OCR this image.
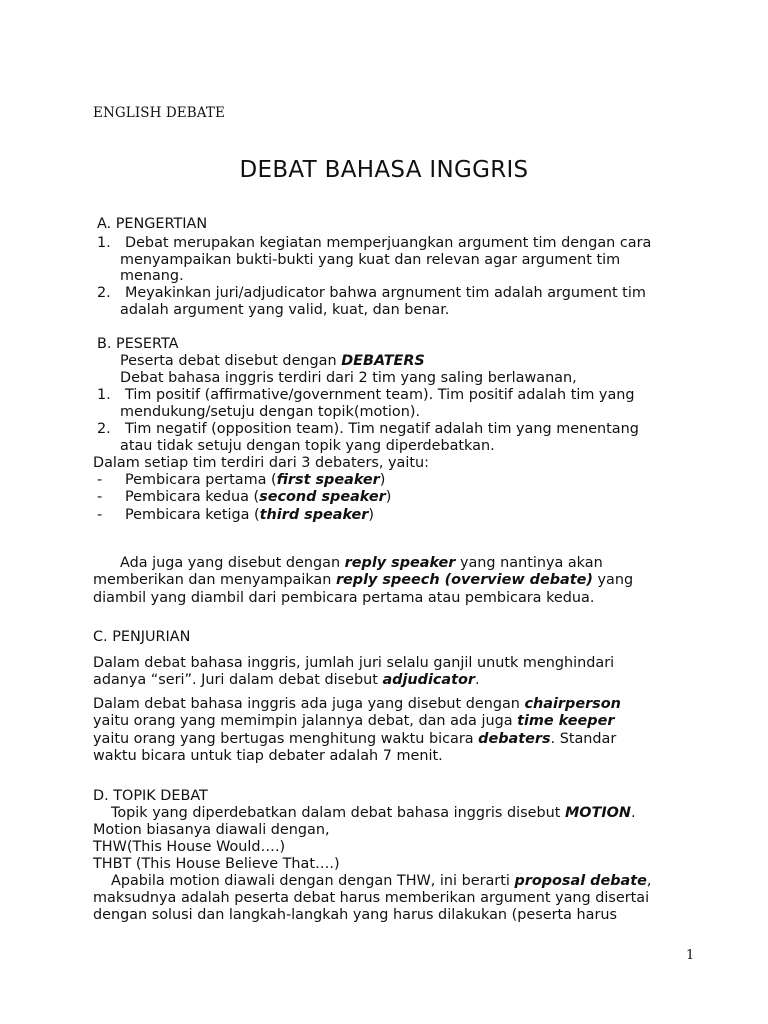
ENGLISH DEBATE
DEBAT BAHASA INGGRIS
A. PENGERTIAN
1. Debat merupakan kegiatan memperjuangkan argument tim dengan cara
menyampaikan bukti-bukti yang kuat dan relevan agar argument tim
menang.
2. Meyakinkan juri/adjudicator bahwa argnument tim adalah argument tim
adalah argument yang valid, kuat, dan benar.
B. PESERTA
Peserta debat disebut dengan DEBATERS
Debat bahasa inggris terdiri dari 2 tim yang saling berlawanan,
1. Tim positif (affirmative/government team). Tim positif adalah tim yang
mendukung/setuju dengan topik(motion).
2. Tim negatif (opposition team). Tim negatif adalah tim yang menentang
atau tidak setuju dengan topik yang diperdebatkan.
Dalam setiap tim terdiri dari 3 debaters, yaitu:
- Pembicara pertama (first speaker)
- Pembicara kedua (second speaker)
- Pembicara ketiga (third speaker)
Ada juga yang disebut dengan reply speaker yang nantinya akan
memberikan dan menyampaikan reply speech (overview debate) yang
diambil yang diambil dari pembicara pertama atau pembicara kedua.
C. PENJURIAN
Dalam debat bahasa inggris, jumlah juri selalu ganjil unutk menghindari
adanya “seri”. Juri dalam debat disebut adjudicator.
Dalam debat bahasa inggris ada juga yang disebut dengan chairperson
yaitu orang yang memimpin jalannya debat, dan ada juga time keeper
yaitu orang yang bertugas menghitung waktu bicara debaters. Standar
waktu bicara untuk tiap debater adalah 7 menit.
D. TOPIK DEBAT
Topik yang diperdebatkan dalam debat bahasa inggris disebut MOTION.
Motion biasanya diawali dengan,
THW(This House Would….)
THBT (This House Believe That….)
Apabila motion diawali dengan dengan THW, ini berarti proposal debate,
maksudnya adalah peserta debat harus memberikan argument yang disertai
dengan solusi dan langkah-langkah yang harus dilakukan (peserta harus
1
